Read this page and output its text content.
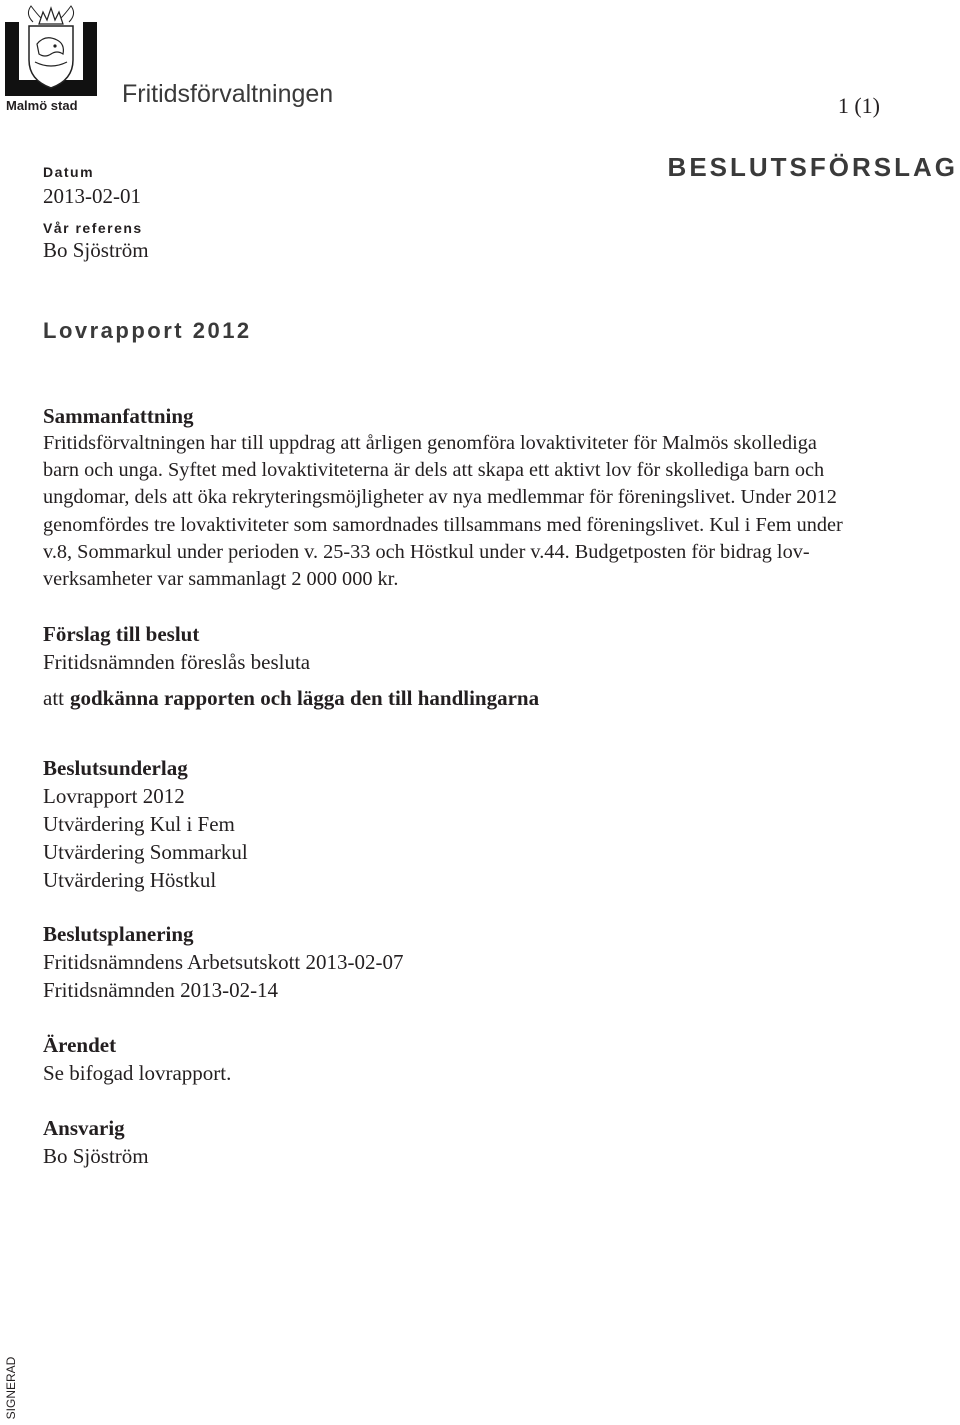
Malmö stad Fritidsförvaltningen	1 (1)
Datum
2013-02-01
Vår referens
Bo Sjöström
BESLUTSFÖRSLAG
Lovrapport 2012
Sammanfattning
Fritidsförvaltningen har till uppdrag att årligen genomföra lovaktiviteter för Malmös skollediga
barn och unga. Syftet med lovaktiviteterna är dels att skapa ett aktivt lov för skollediga barn och
ungdomar, dels att öka rekryteringsmöjligheter av nya medlemmar för föreningslivet. Under 2012
genomfördes tre lovaktiviteter som samordnades tillsammans med föreningslivet. Kul i Fem under
v.8, Sommarkul under perioden v. 25-33 och Höstkul under v.44. Budgetposten för bidrag lov-
verksamheter var sammanlagt 2 000 000 kr.
Förslag till beslut
Fritidsnämnden föreslås besluta
att godkänna rapporten och lägga den till handlingarna
Beslutsunderlag
Lovrapport 2012
Utvärdering Kul i Fem
Utvärdering Sommarkul
Utvärdering Höstkul
Beslutsplanering
Fritidsnämndens Arbetsutskott 2013-02-07
Fritidsnämnden 2013-02-14
Ärendet
Se bifogad lovrapport.
Ansvarig
Bo Sjöström
SIGNERAD
